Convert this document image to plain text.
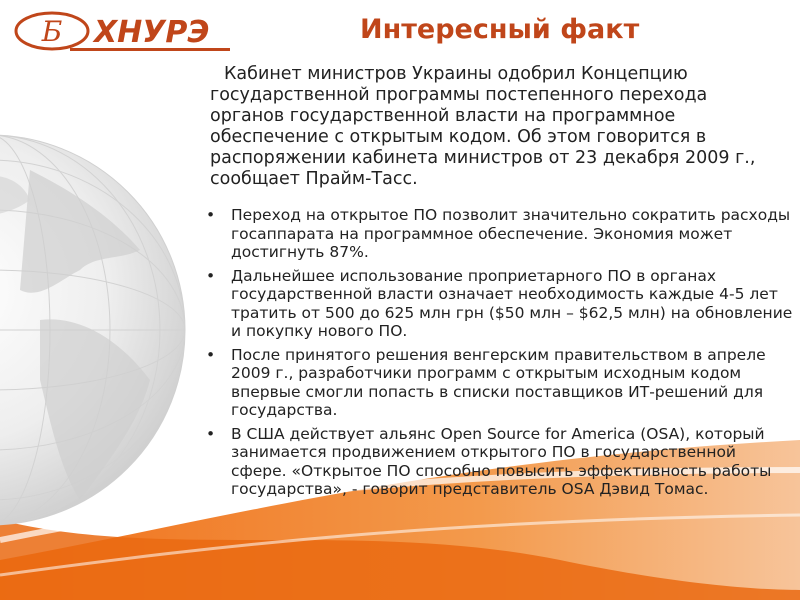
Б ХНУРЭ	Интересный факт

Кабинет министров Украины одобрил Концепцию государственной программы постепенного перехода органов государственной власти на программное обеспечение с открытым кодом. Об этом говорится в распоряжении кабинета министров от 23 декабря 2009 г., сообщает Прайм-Тасс.

• Переход на открытое ПО позволит значительно сократить расходы госаппарата на программное обеспечение. Экономия может достигнуть 87%.
• Дальнейшее использование проприетарного ПО в органах государственной власти означает необходимость каждые 4-5 лет тратить от 500 до 625 млн грн ($50 млн – $62,5 млн) на обновление и покупку нового ПО.
• После принятого решения венгерским правительством в апреле 2009 г., разработчики программ с открытым исходным кодом впервые смогли попасть в списки поставщиков ИТ-решений для государства.
• В США действует альянс Open Source for America (OSA), который занимается продвижением открытого ПО в государственной сфере. «Открытое ПО способно повысить эффективность работы государства», - говорит представитель OSA Дэвид Томас.
